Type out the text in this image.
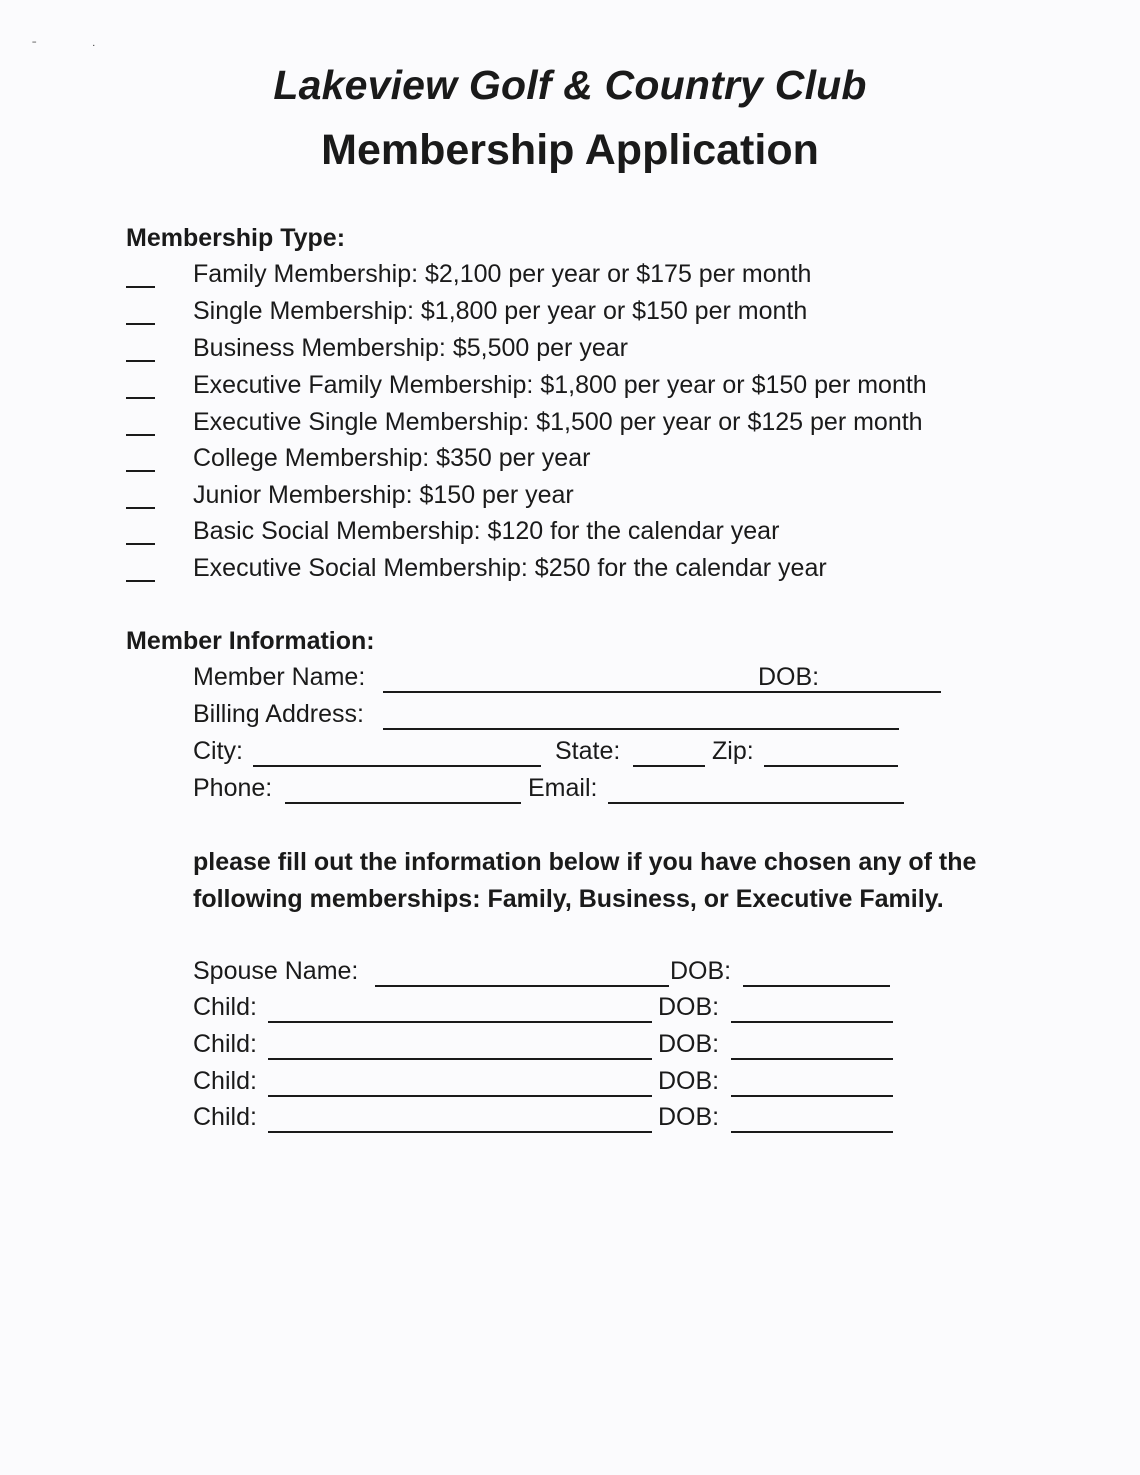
Lakeview Golf & Country Club
Membership Application
Membership Type:
Family Membership: $2,100 per year or $175 per month
Single Membership: $1,800 per year or $150 per month
Business Membership: $5,500 per year
Executive Family Membership: $1,800 per year or $150 per month
Executive Single Membership: $1,500 per year or $125 per month
College Membership: $350 per year
Junior Membership: $150 per year
Basic Social Membership: $120 for the calendar year
Executive Social Membership: $250 for the calendar year
Member Information:
Member Name:	DOB:
Billing Address:
City:	State:	Zip:
Phone:	Email:
please fill out the information below if you have chosen any of the following memberships: Family, Business, or Executive Family.
Spouse Name:	DOB:
Child:	DOB:
Child:	DOB:
Child:	DOB:
Child:	DOB:
ˉ	˙
